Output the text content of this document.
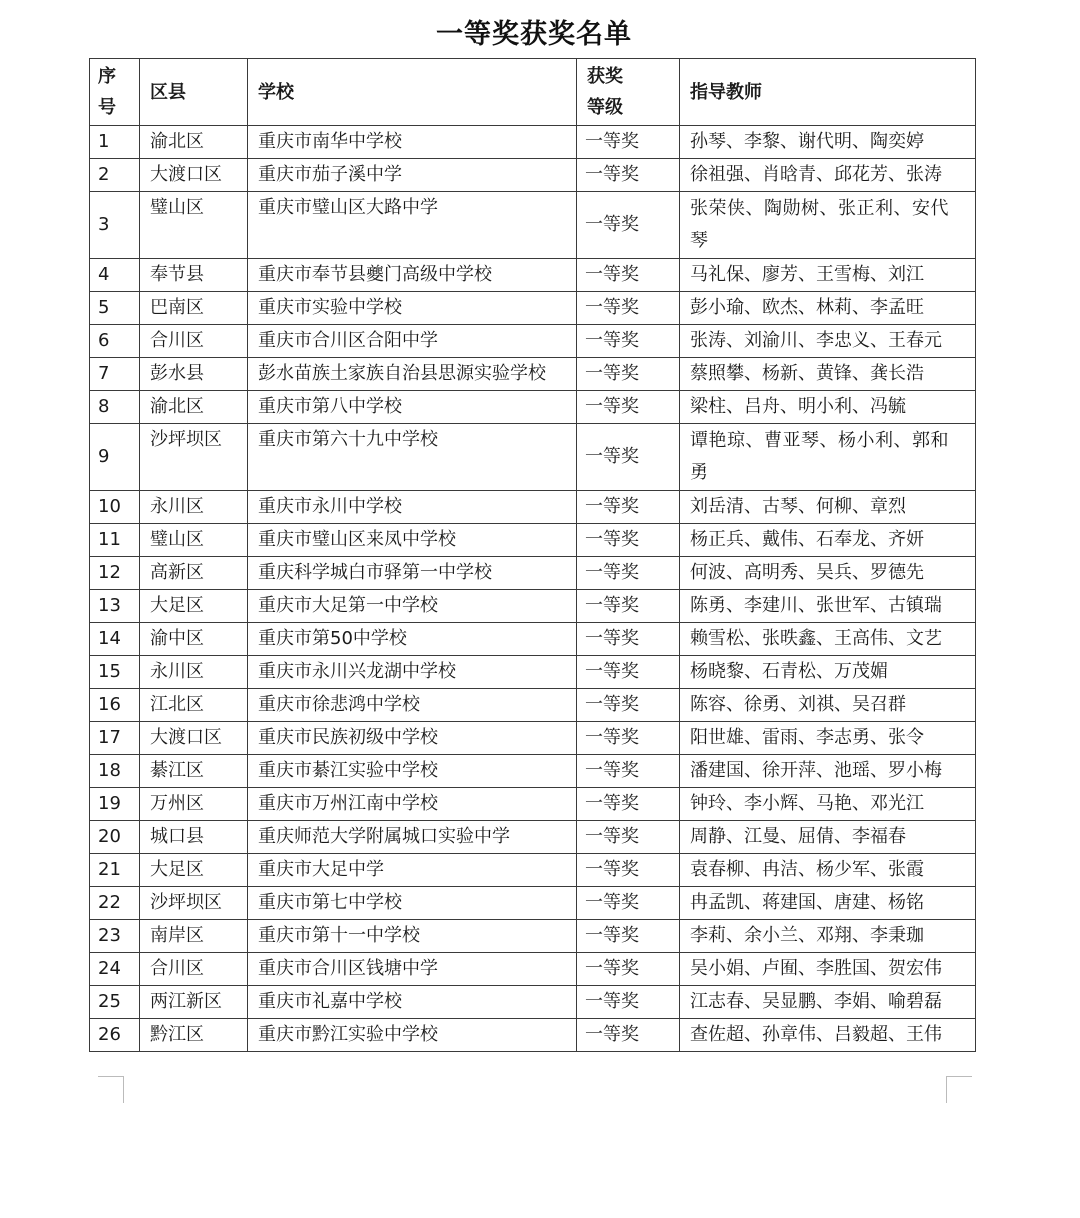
一等奖获奖名单
序号	区县	学校	获奖等级	指导教师
1	渝北区	重庆市南华中学校	一等奖	孙琴、李黎、谢代明、陶奕婷
2	大渡口区	重庆市茄子溪中学	一等奖	徐祖强、肖晗青、邱花芳、张涛
3	璧山区	重庆市璧山区大路中学	一等奖	张荣侠、陶勋树、张正利、安代琴
4	奉节县	重庆市奉节县夔门高级中学校	一等奖	马礼保、廖芳、王雪梅、刘江
5	巴南区	重庆市实验中学校	一等奖	彭小瑜、欧杰、林莉、李孟旺
6	合川区	重庆市合川区合阳中学	一等奖	张涛、刘渝川、李忠义、王春元
7	彭水县	彭水苗族土家族自治县思源实验学校	一等奖	蔡照攀、杨新、黄锋、龚长浩
8	渝北区	重庆市第八中学校	一等奖	梁柱、吕舟、明小利、冯毓
9	沙坪坝区	重庆市第六十九中学校	一等奖	谭艳琼、曹亚琴、杨小利、郭和勇
10	永川区	重庆市永川中学校	一等奖	刘岳清、古琴、何柳、章烈
11	璧山区	重庆市璧山区来凤中学校	一等奖	杨正兵、戴伟、石奉龙、齐妍
12	高新区	重庆科学城白市驿第一中学校	一等奖	何波、高明秀、吴兵、罗德先
13	大足区	重庆市大足第一中学校	一等奖	陈勇、李建川、张世军、古镇瑞
14	渝中区	重庆市第50中学校	一等奖	赖雪松、张昳鑫、王高伟、文艺
15	永川区	重庆市永川兴龙湖中学校	一等奖	杨晓黎、石青松、万茂媚
16	江北区	重庆市徐悲鸿中学校	一等奖	陈容、徐勇、刘祺、吴召群
17	大渡口区	重庆市民族初级中学校	一等奖	阳世雄、雷雨、李志勇、张令
18	綦江区	重庆市綦江实验中学校	一等奖	潘建国、徐开萍、池瑶、罗小梅
19	万州区	重庆市万州江南中学校	一等奖	钟玲、李小辉、马艳、邓光江
20	城口县	重庆师范大学附属城口实验中学	一等奖	周静、江曼、屈倩、李福春
21	大足区	重庆市大足中学	一等奖	袁春柳、冉洁、杨少军、张霞
22	沙坪坝区	重庆市第七中学校	一等奖	冉孟凯、蒋建国、唐建、杨铭
23	南岸区	重庆市第十一中学校	一等奖	李莉、余小兰、邓翔、李秉珈
24	合川区	重庆市合川区钱塘中学	一等奖	吴小娟、卢囿、李胜国、贺宏伟
25	两江新区	重庆市礼嘉中学校	一等奖	江志春、吴显鹏、李娟、喻碧磊
26	黔江区	重庆市黔江实验中学校	一等奖	查佐超、孙章伟、吕毅超、王伟
